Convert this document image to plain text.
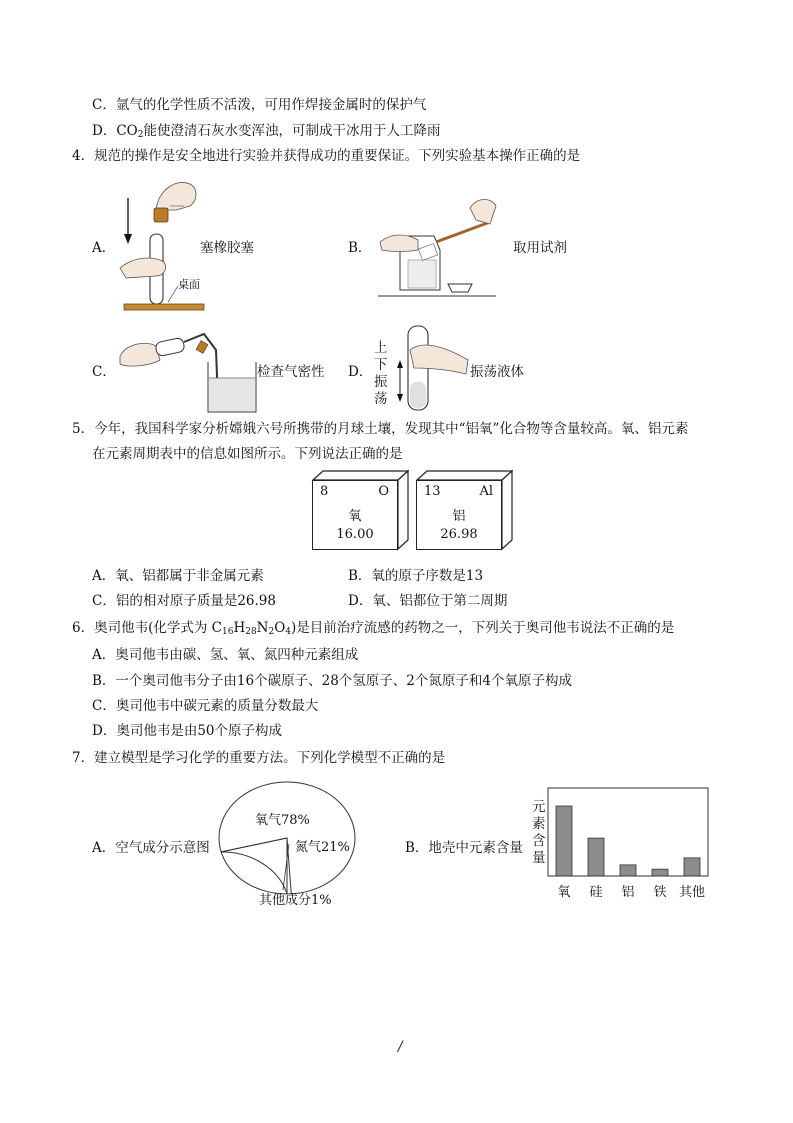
C．氩气的化学性质不活泼，可用作焊接金属时的保护气
D．$CO_2$能使澄清石灰水变浑浊，可制成干冰用于人工降雨
4．规范的操作是安全地进行实验并获得成功的重要保证。下列实验基本操作正确的是
A．
桌面
塞橡胶塞	B．	取用试剂
C．	检查气密性 D．
上
下
振
荡
振荡液体
5．今年，我国科学家分析嫦娥六号所携带的月球土壤，发现其中“铝氧”化合物等含量较高。氧、铝元素
在元素周期表中的信息如图所示。下列说法正确的是
8	O
氧
16.00
13	Al
铝
26.98
A．氧、铝都属于非金属元素	B．氧的原子序数是13
C．铝的相对原子质量是26.98	D．氧、铝都位于第二周期
6．奥司他韦(化学式为 $C_{16}H_{28}N_2O_4$)是目前治疗流感的药物之一，下列关于奥司他韦说法不正确的是
A．奥司他韦由碳、氢、氧、氮四种元素组成
B．一个奥司他韦分子由16个碳原子、28个氢原子、2个氮原子和4个氧原子构成
C．奥司他韦中碳元素的质量分数最大
D．奥司他韦是由50个原子构成
7．建立模型是学习化学的重要方法。下列化学模型不正确的是
A．空气成分示意图
氧气78%
氮气21%
其他成分1%
B．地壳中元素含量
元
素
含
量
氧 硅 铝 铁 其他
/
